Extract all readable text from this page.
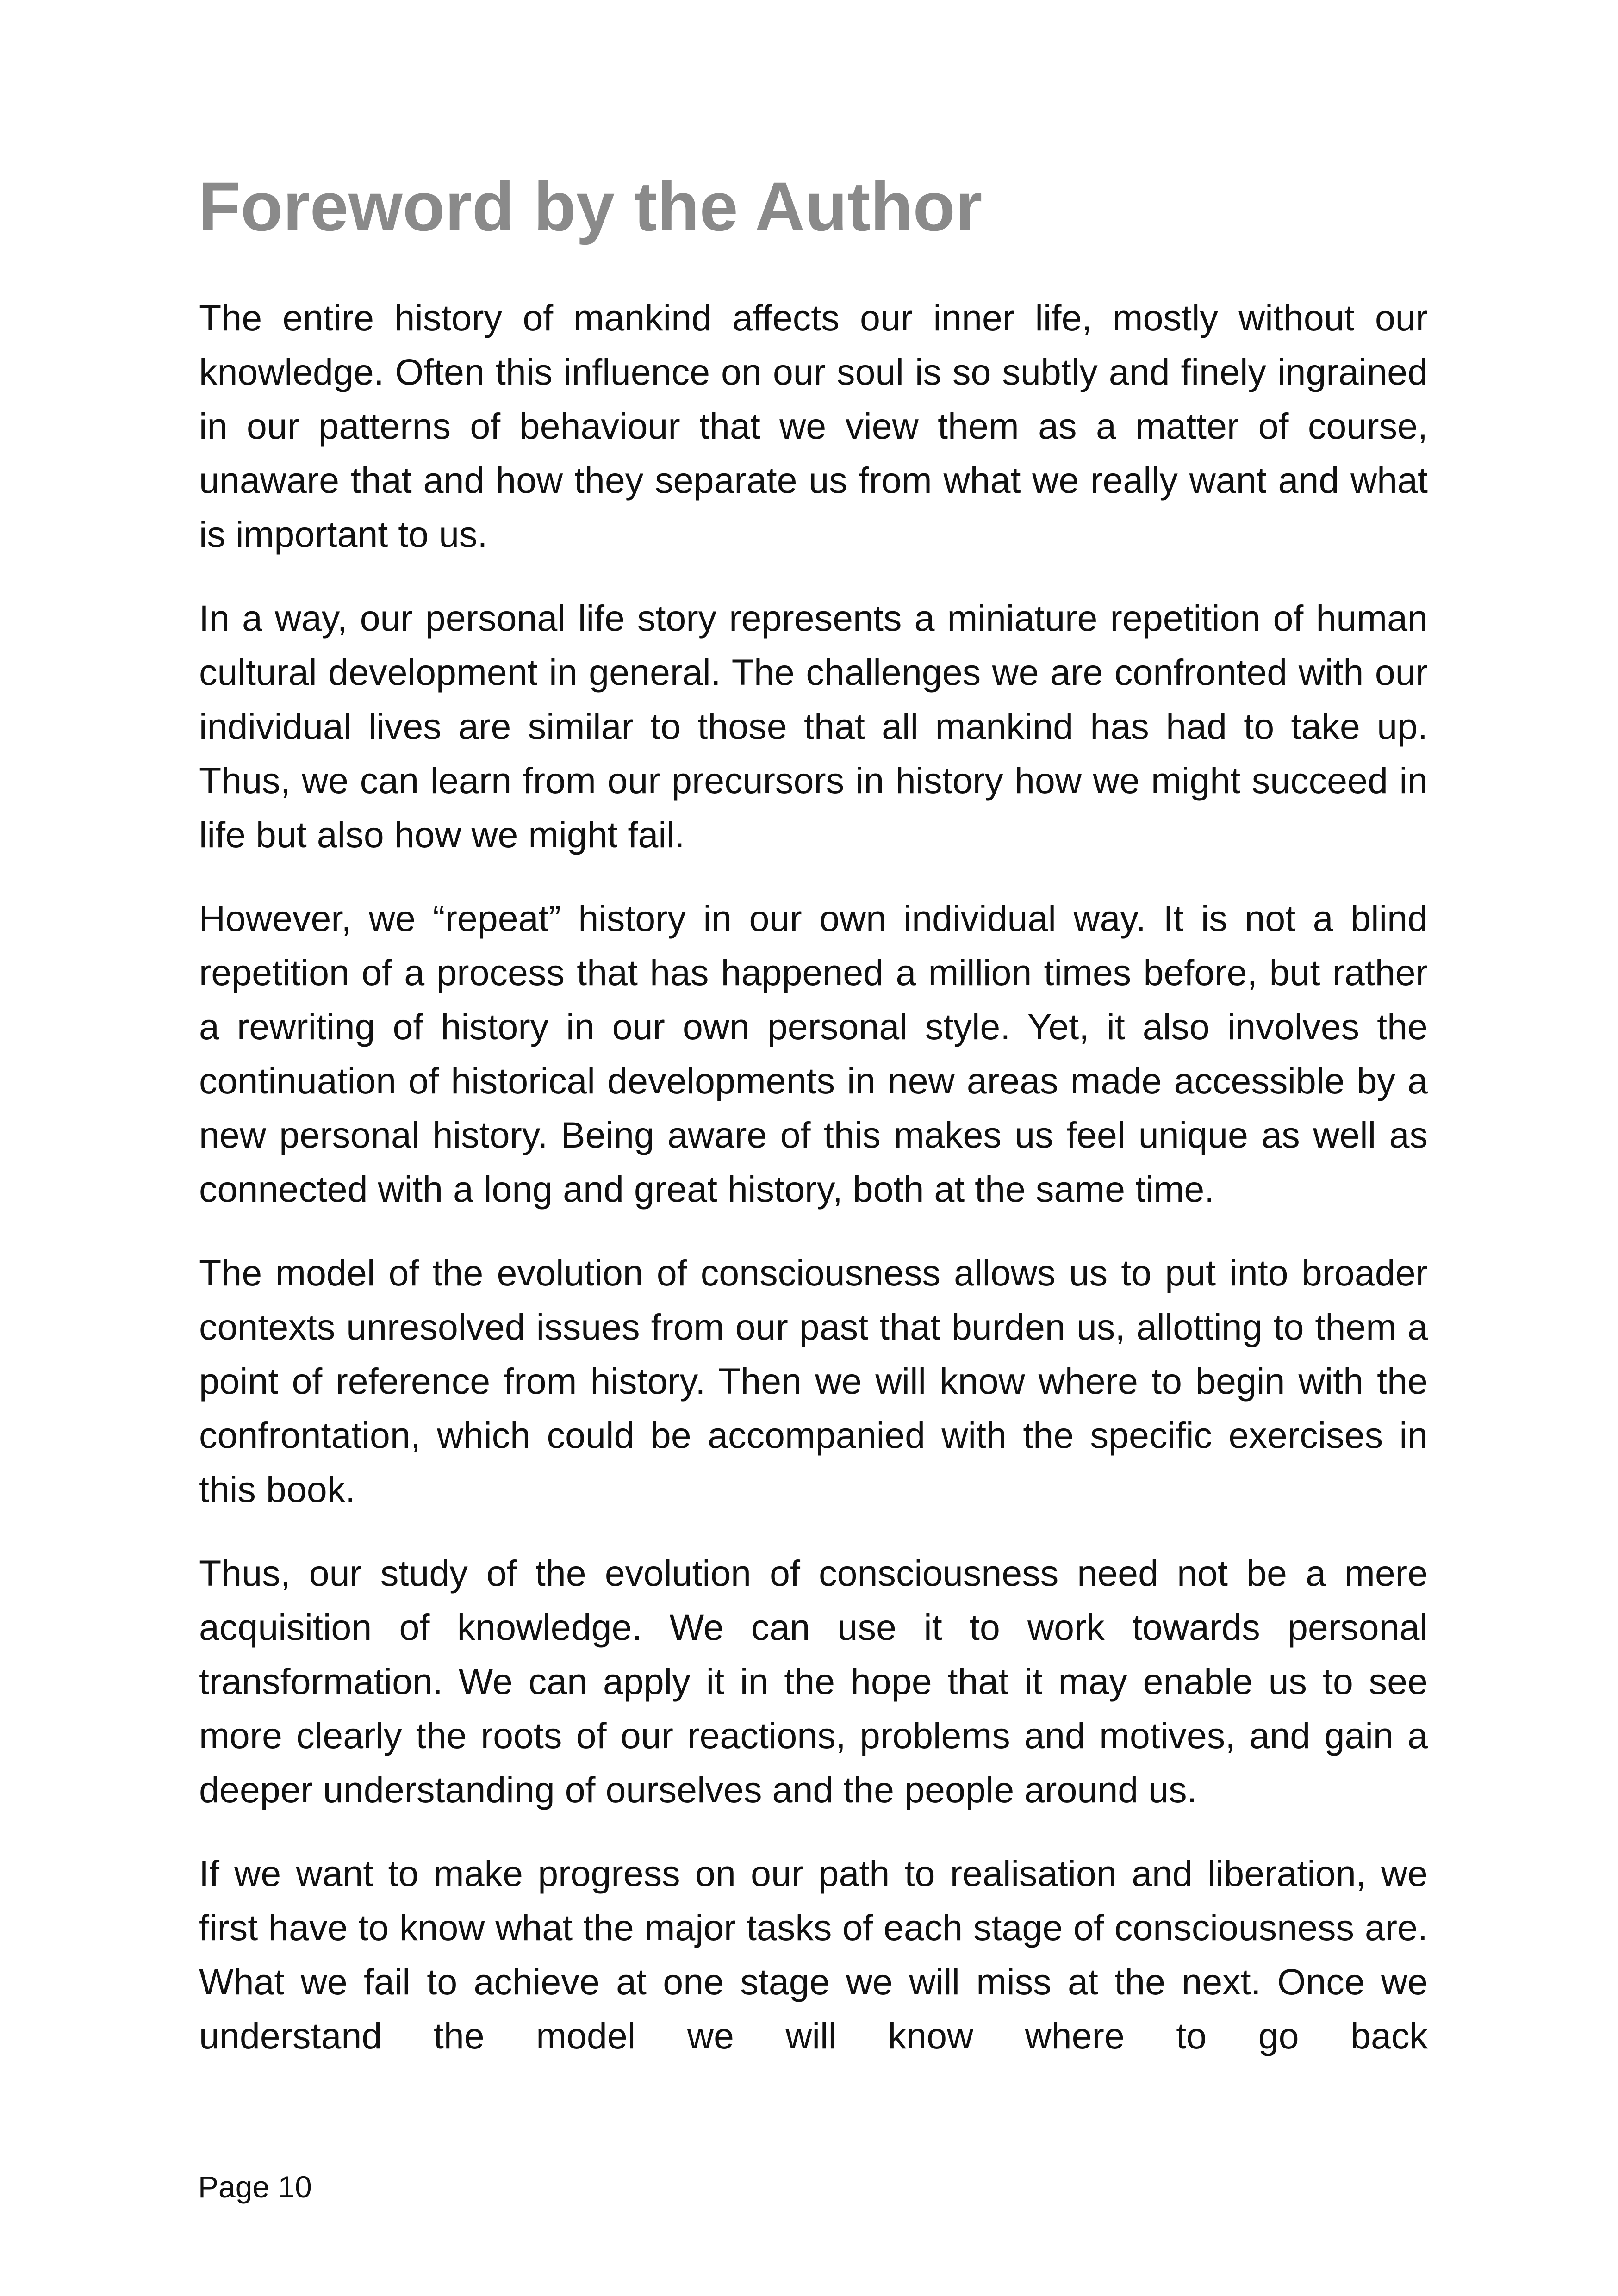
Foreword by the Author

The entire history of mankind affects our inner life, mostly without our knowledge. Often this influence on our soul is so subtly and finely ingrained in our patterns of behaviour that we view them as a matter of course, unaware that and how they separate us from what we really want and what is important to us.

In a way, our personal life story represents a miniature repetition of human cultural development in general. The challenges we are confronted with our individual lives are similar to those that all mankind has had to take up. Thus, we can learn from our precursors in history how we might succeed in life but also how we might fail.

However, we “repeat” history in our own individual way. It is not a blind repetition of a process that has happened a million times before, but rather a rewriting of history in our own personal style. Yet, it also involves the continuation of historical developments in new areas made accessible by a new personal history. Being aware of this makes us feel unique as well as connected with a long and great history, both at the same time.

The model of the evolution of consciousness allows us to put into broader contexts unresolved issues from our past that burden us, allotting to them a point of reference from history. Then we will know where to begin with the confrontation, which could be accompanied with the specific exercises in this book.

Thus, our study of the evolution of consciousness need not be a mere acquisition of knowledge. We can use it to work towards personal transformation. We can apply it in the hope that it may enable us to see more clearly the roots of our reactions, problems and motives, and gain a deeper understanding of ourselves and the people around us.

If we want to make progress on our path to realisation and liberation, we first have to know what the major tasks of each stage of consciousness are. What we fail to achieve at one stage we will miss at the next. Once we understand the model we will know where to go back

Page 10
